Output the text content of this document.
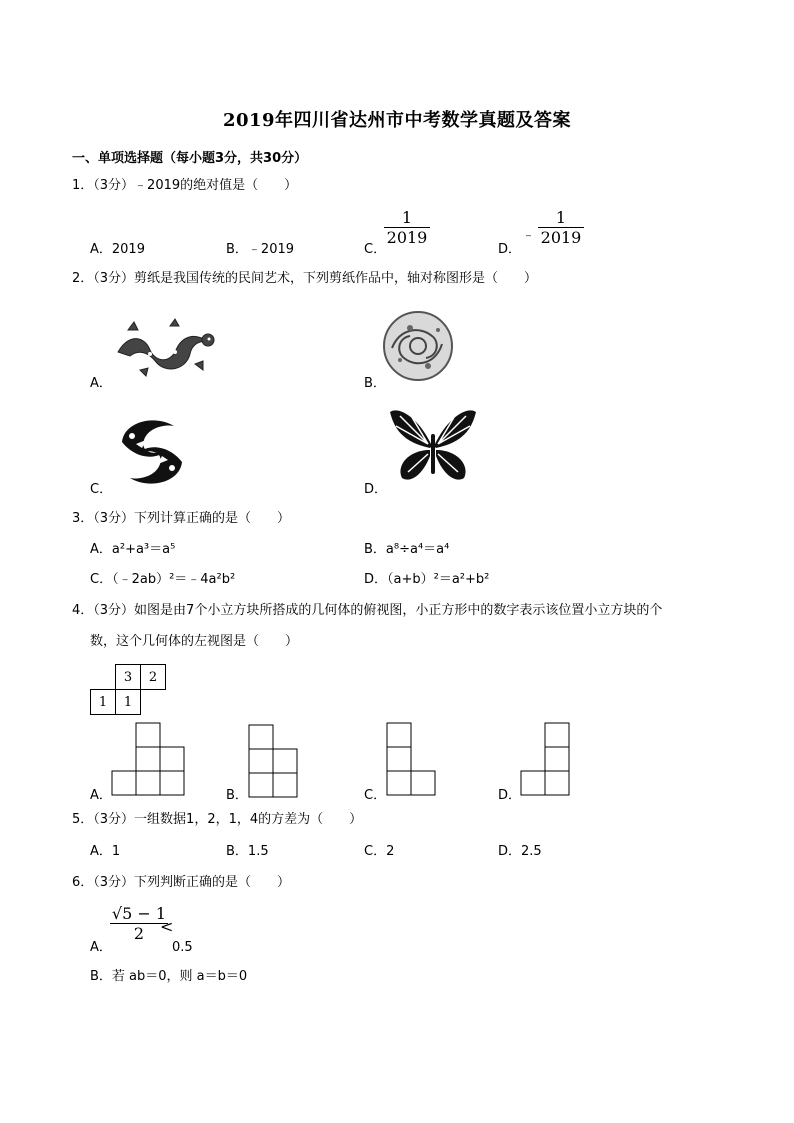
2019年四川省达州市中考数学真题及答案
一、单项选择题（每小题3分，共30分）
1．（3分）﹣2019的绝对值是（　　）
A．2019	B．﹣2019	C．
$\frac{1}{2019}$
D．
﹣ $\frac{1}{2019}$
2．（3分）剪纸是我国传统的民间艺术，下列剪纸作品中，轴对称图形是（　　）
A．	B．
C．	D．
3．（3分）下列计算正确的是（　　）
A．a²+a³＝a⁵	B．a⁸÷a⁴＝a⁴
C．（﹣2ab）²＝﹣4a²b²	D．（a+b）²＝a²+b²
4．（3分）如图是由7个小立方块所搭成的几何体的俯视图，小正方形中的数字表示该位置小立方块的个
数，这个几何体的左视图是（　　）
	3	2
1	1	
A．	B．	C．	D．
5．（3分）一组数据1，2，1，4的方差为（　　）
A．1	B．1.5	C．2	D．2.5
6．（3分）下列判断正确的是（　　）
A．
$\frac{√5 - 1}{2}$
<
0.5
B．若 ab＝0，则 a＝b＝0
